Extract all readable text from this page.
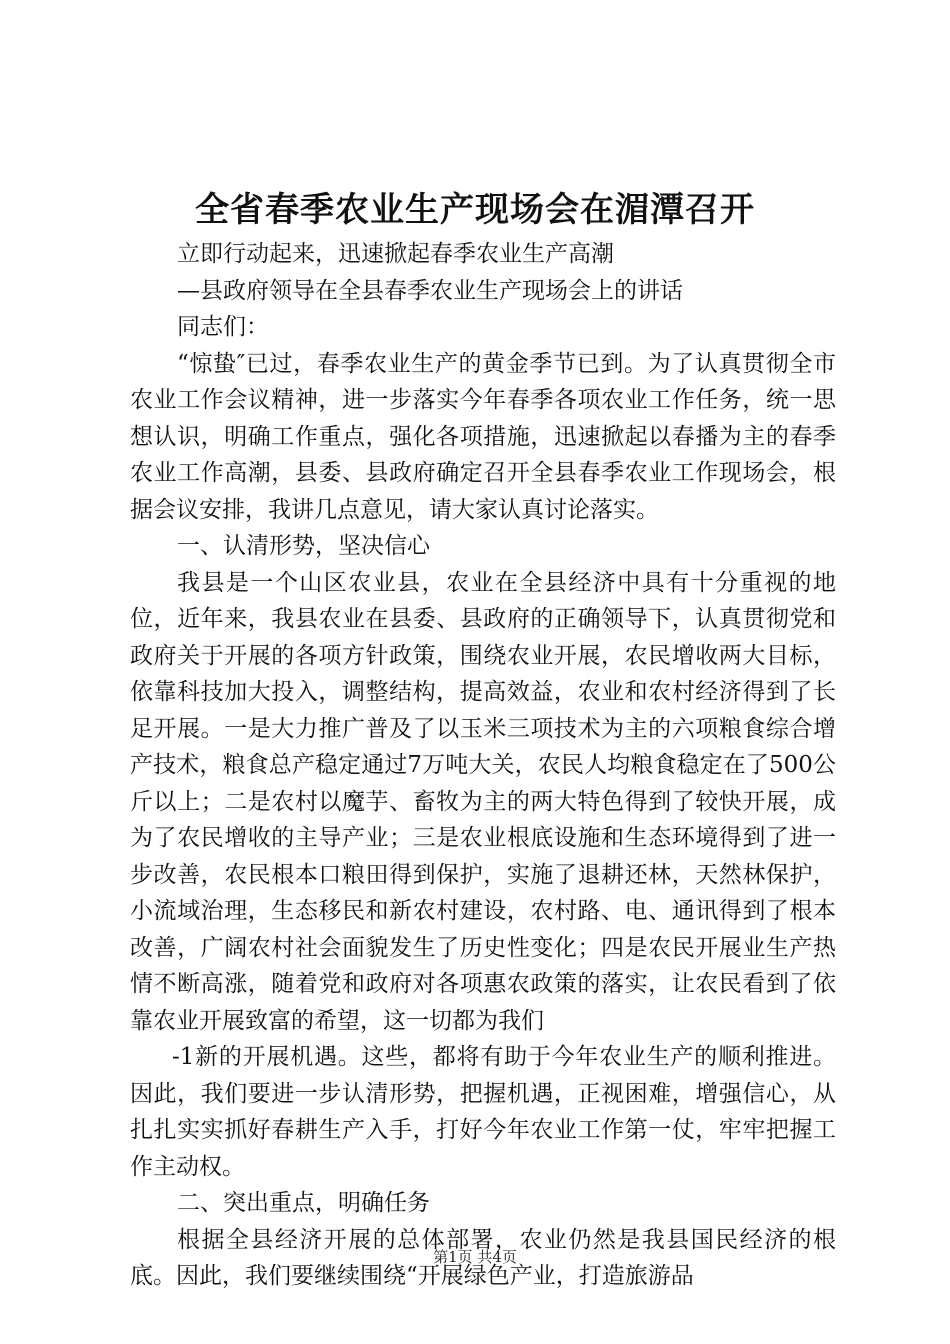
全省春季农业生产现场会在湄潭召开

立即行动起来，迅速掀起春季农业生产高潮

—县政府领导在全县春季农业生产现场会上的讲话

同志们：

“惊蛰″已过，春季农业生产的黄金季节已到。为了认真贯彻全市农业工作会议精神，进一步落实今年春季各项农业工作任务，统一思想认识，明确工作重点，强化各项措施，迅速掀起以春播为主的春季农业工作高潮，县委、县政府确定召开全县春季农业工作现场会，根据会议安排，我讲几点意见，请大家认真讨论落实。

一、认清形势，坚决信心

我县是一个山区农业县，农业在全县经济中具有十分重视的地位，近年来，我县农业在县委、县政府的正确领导下，认真贯彻党和政府关于开展的各项方针政策，围绕农业开展，农民增收两大目标，依靠科技加大投入，调整结构，提高效益，农业和农村经济得到了长足开展。一是大力推广普及了以玉米三项技术为主的六项粮食综合增产技术，粮食总产稳定通过7万吨大关，农民人均粮食稳定在了500公斤以上；二是农村以魔芋、畜牧为主的两大特色得到了较快开展，成为了农民增收的主导产业；三是农业根底设施和生态环境得到了进一步改善，农民根本口粮田得到保护，实施了退耕还林，天然林保护，小流域治理，生态移民和新农村建设，农村路、电、通讯得到了根本改善，广阔农村社会面貌发生了历史性变化；四是农民开展业生产热情不断高涨，随着党和政府对各项惠农政策的落实，让农民看到了依靠农业开展致富的希望，这一切都为我们

-1新的开展机遇。这些，都将有助于今年农业生产的顺利推进。因此，我们要进一步认清形势，把握机遇，正视困难，增强信心，从扎扎实实抓好春耕生产入手，打好今年农业工作第一仗，牢牢把握工作主动权。

二、突出重点，明确任务

根据全县经济开展的总体部署，农业仍然是我县国民经济的根底。因此，我们要继续围绕“开展绿色产业，打造旅游品

第1页 共4页
